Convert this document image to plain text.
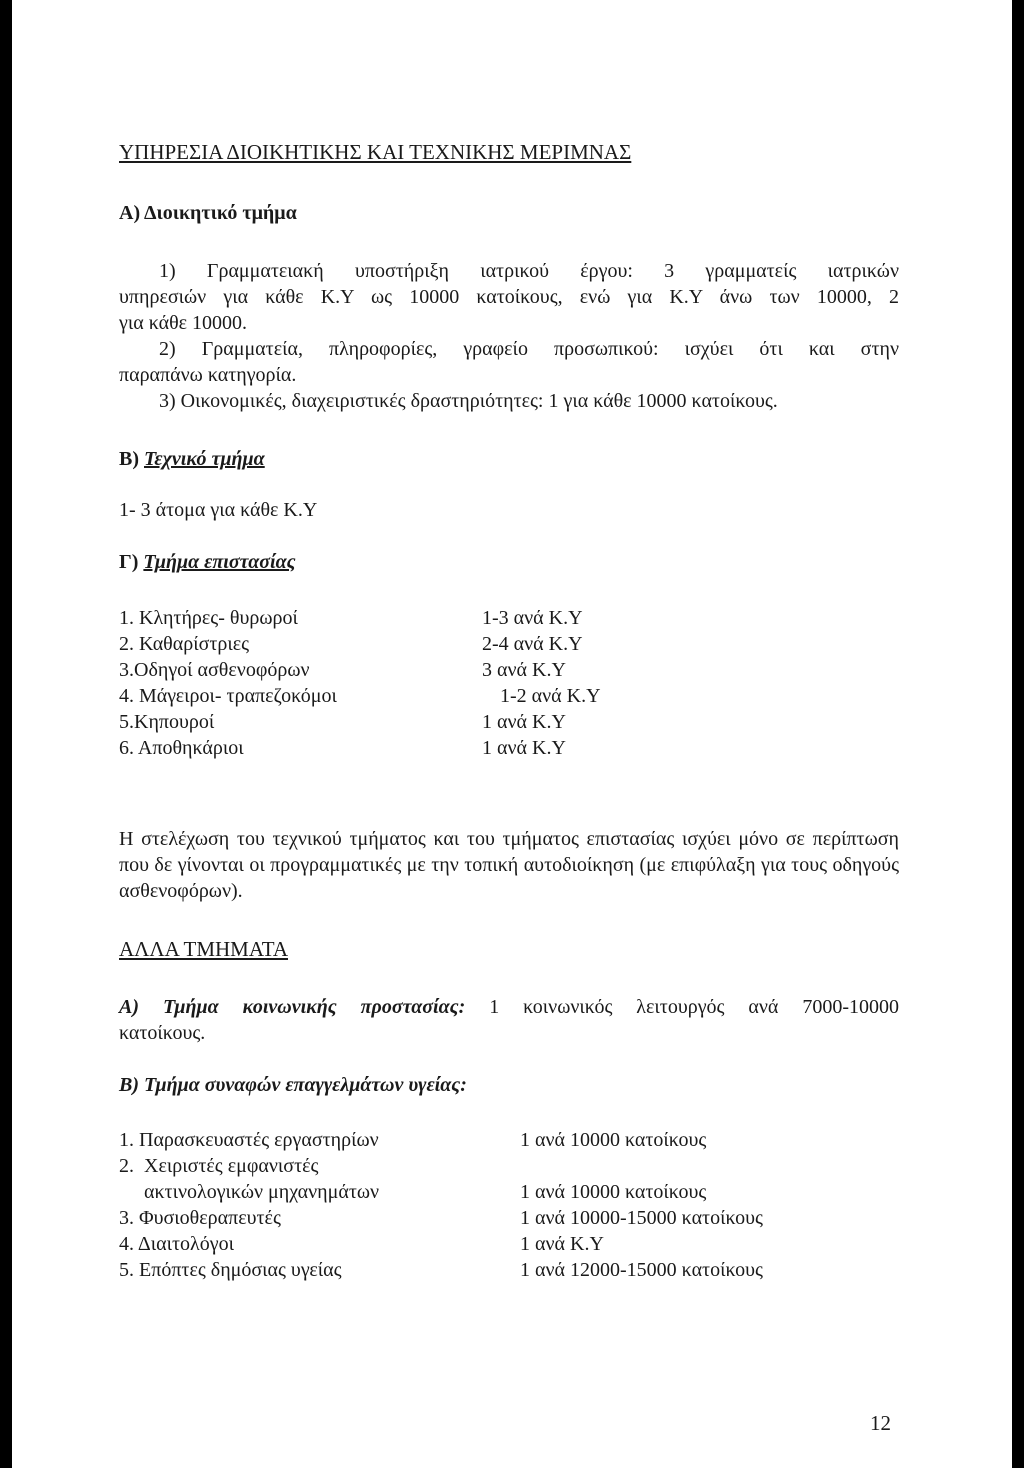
ΥΠΗΡΕΣΙΑ ΔΙΟΙΚΗΤΙΚΗΣ ΚΑΙ ΤΕΧΝΙΚΗΣ ΜΕΡΙΜΝΑΣ
Α) Διοικητικό τμήμα
1) Γραμματειακή υποστήριξη ιατρικού έργου: 3 γραμματείς ιατρικών
υπηρεσιών για κάθε Κ.Υ ως 10000 κατοίκους, ενώ για Κ.Υ άνω των 10000, 2
για κάθε 10000.
2) Γραμματεία, πληροφορίες, γραφείο προσωπικού: ισχύει ότι και στην
παραπάνω κατηγορία.
3) Οικονομικές, διαχειριστικές δραστηριότητες: 1 για κάθε 10000 κατοίκους.
Β) Τεχνικό τμήμα
1- 3 άτομα για κάθε Κ.Υ
Γ) Τμήμα επιστασίας
1. Κλητήρες- θυρωροί	1-3 ανά Κ.Υ
2. Καθαρίστριες	2-4 ανά Κ.Υ
3.Οδηγοί ασθενοφόρων	3 ανά Κ.Υ
4. Μάγειροι- τραπεζοκόμοι	1-2 ανά Κ.Υ
5.Κηπουροί	1 ανά Κ.Υ
6. Αποθηκάριοι	1 ανά Κ.Υ
Η στελέχωση του τεχνικού τμήματος και του τμήματος επιστασίας ισχύει μόνο σε περίπτωση που δε γίνονται οι προγραμματικές με την τοπική αυτοδιοίκηση (με επιφύλαξη για τους οδηγούς ασθενοφόρων).
ΑΛΛΑ ΤΜΗΜΑΤΑ
Α) Τμήμα κοινωνικής προστασίας: 1 κοινωνικός λειτουργός ανά 7000-10000
κατοίκους.
Β) Τμήμα συναφών επαγγελμάτων υγείας:
1. Παρασκευαστές εργαστηρίων	1 ανά 10000 κατοίκους
2.  Χειριστές εμφανιστές
ακτινολογικών μηχανημάτων	1 ανά 10000 κατοίκους
3. Φυσιοθεραπευτές	1 ανά 10000-15000 κατοίκους
4. Διαιτολόγοι	1 ανά Κ.Υ
5. Επόπτες δημόσιας υγείας	1 ανά 12000-15000 κατοίκους
12
